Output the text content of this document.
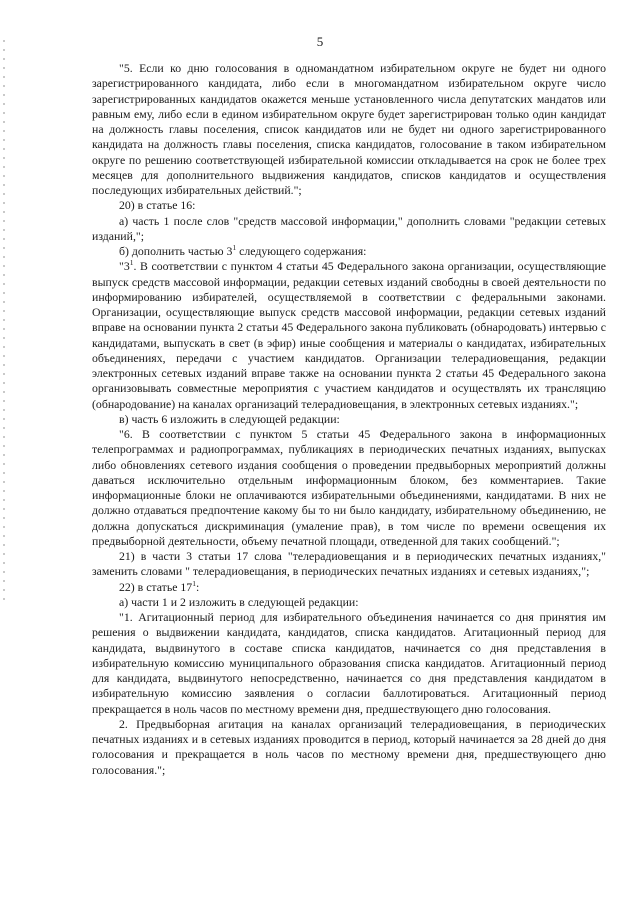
5

"5. Если ко дню голосования в одномандатном избирательном округе не будет ни одного зарегистрированного кандидата, либо если в многомандатном избирательном округе число зарегистрированных кандидатов окажется меньше установленного числа депутатских мандатов или равным ему, либо если в едином избирательном округе будет зарегистрирован только один кандидат на должность главы поселения, список кандидатов или не будет ни одного зарегистрированного кандидата на должность главы поселения, списка кандидатов, голосование в таком избирательном округе по решению соответствующей избирательной комиссии откладывается на срок не более трех месяцев для дополнительного выдвижения кандидатов, списков кандидатов и осуществления последующих избирательных действий.";

20) в статье 16:

а) часть 1 после слов "средств массовой информации," дополнить словами "редакции сетевых изданий,";

б) дополнить частью $3^1$ следующего содержания:

"$3^1$. В соответствии с пунктом 4 статьи 45 Федерального закона организации, осуществляющие выпуск средств массовой информации, редакции сетевых изданий свободны в своей деятельности по информированию избирателей, осуществляемой в соответствии с федеральными законами. Организации, осуществляющие выпуск средств массовой информации, редакции сетевых изданий вправе на основании пункта 2 статьи 45 Федерального закона публиковать (обнародовать) интервью с кандидатами, выпускать в свет (в эфир) иные сообщения и материалы о кандидатах, избирательных объединениях, передачи с участием кандидатов. Организации телерадиовещания, редакции электронных сетевых изданий вправе также на основании пункта 2 статьи 45 Федерального закона организовывать совместные мероприятия с участием кандидатов и осуществлять их трансляцию (обнародование) на каналах организаций телерадиовещания, в электронных сетевых изданиях.";

в) часть 6 изложить в следующей редакции:

"6. В соответствии с пунктом 5 статьи 45 Федерального закона в информационных телепрограммах и радиопрограммах, публикациях в периодических печатных изданиях, выпусках либо обновлениях сетевого издания сообщения о проведении предвыборных мероприятий должны даваться исключительно отдельным информационным блоком, без комментариев. Такие информационные блоки не оплачиваются избирательными объединениями, кандидатами. В них не должно отдаваться предпочтение какому бы то ни было кандидату, избирательному объединению, не должна допускаться дискриминация (умаление прав), в том числе по времени освещения их предвыборной деятельности, объему печатной площади, отведенной для таких сообщений.";

21) в части 3 статьи 17 слова "телерадиовещания и в периодических печатных изданиях," заменить словами " телерадиовещания, в периодических печатных изданиях и сетевых изданиях,";

22) в статье $17^1$:

а) части 1 и 2 изложить в следующей редакции:

"1. Агитационный период для избирательного объединения начинается со дня принятия им решения о выдвижении кандидата, кандидатов, списка кандидатов. Агитационный период для кандидата, выдвинутого в составе списка кандидатов, начинается со дня представления в избирательную комиссию муниципального образования списка кандидатов. Агитационный период для кандидата, выдвинутого непосредственно, начинается со дня представления кандидатом в избирательную комиссию заявления о согласии баллотироваться. Агитационный период прекращается в ноль часов по местному времени дня, предшествующего дню голосования.

2. Предвыборная агитация на каналах организаций телерадиовещания, в периодических печатных изданиях и в сетевых изданиях проводится в период, который начинается за 28 дней до дня голосования и прекращается в ноль часов по местному времени дня, предшествующего дню голосования.";
